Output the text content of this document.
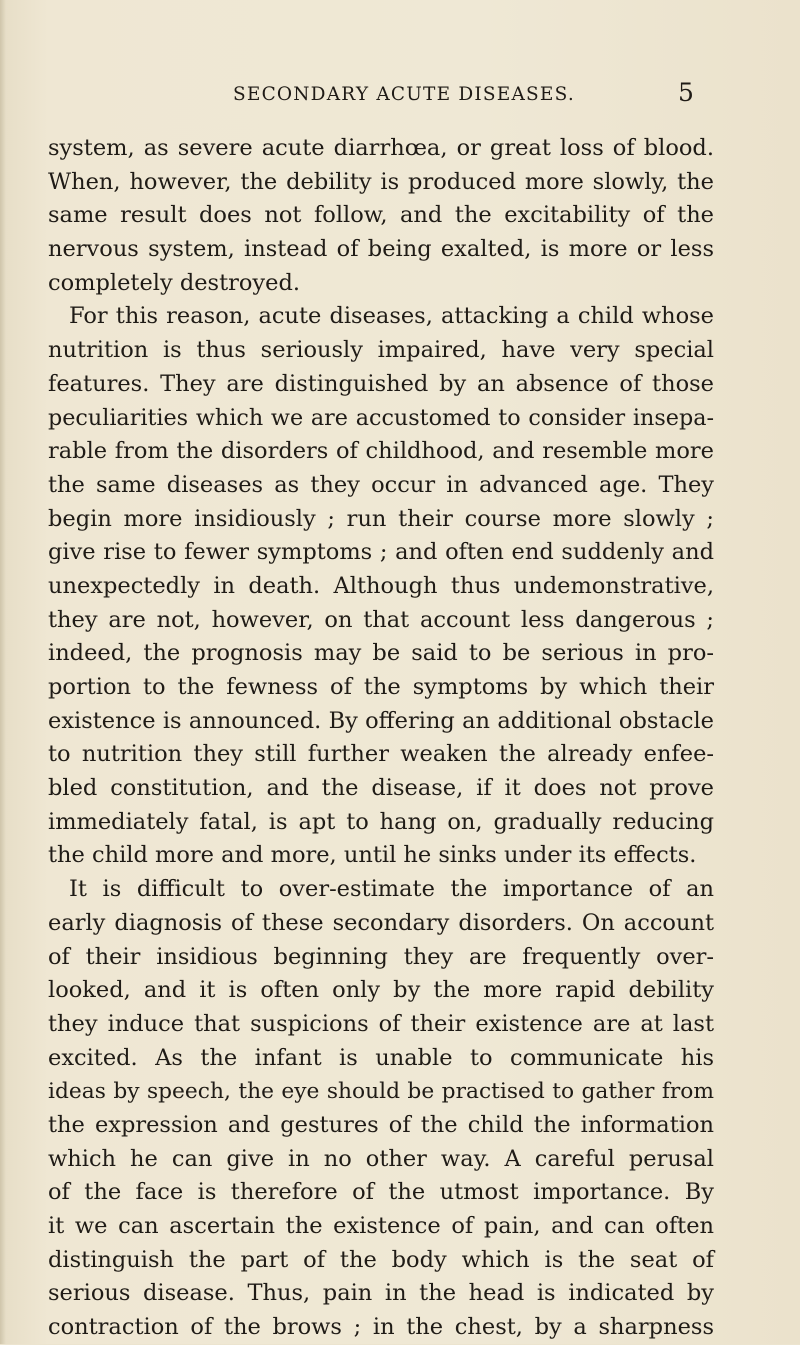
SECONDARY ACUTE DISEASES.	5
system, as severe acute diarrhœa, or great loss of blood.
When, however, the debility is produced more slowly, the
same result does not follow, and the excitability of the
nervous system, instead of being exalted, is more or less
completely destroyed.
For this reason, acute diseases, attacking a child whose
nutrition is thus seriously impaired, have very special
features. They are distinguished by an absence of those
peculiarities which we are accustomed to consider insepa-
rable from the disorders of childhood, and resemble more
the same diseases as they occur in advanced age. They
begin more insidiously ; run their course more slowly ;
give rise to fewer symptoms ; and often end suddenly and
unexpectedly in death. Although thus undemonstrative,
they are not, however, on that account less dangerous ;
indeed, the prognosis may be said to be serious in pro-
portion to the fewness of the symptoms by which their
existence is announced. By offering an additional obstacle
to nutrition they still further weaken the already enfee-
bled constitution, and the disease, if it does not prove
immediately fatal, is apt to hang on, gradually reducing
the child more and more, until he sinks under its effects.
It is difficult to over-estimate the importance of an
early diagnosis of these secondary disorders. On account
of their insidious beginning they are frequently over-
looked, and it is often only by the more rapid debility
they induce that suspicions of their existence are at last
excited. As the infant is unable to communicate his
ideas by speech, the eye should be practised to gather from
the expression and gestures of the child the information
which he can give in no other way. A careful perusal
of the face is therefore of the utmost importance. By
it we can ascertain the existence of pain, and can often
distinguish the part of the body which is the seat of
serious disease. Thus, pain in the head is indicated by
contraction of the brows ; in the chest, by a sharpness
